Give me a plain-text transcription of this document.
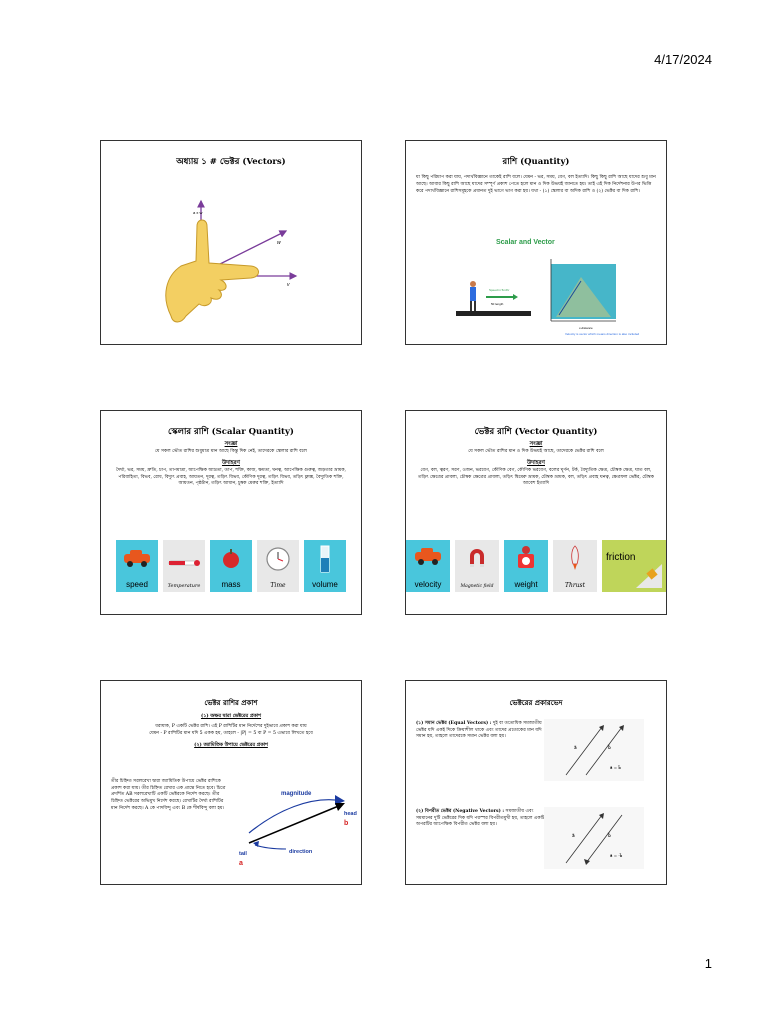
4/17/2024
অধ্যায় ১ # ভেক্টর (Vectors)
a x w
w
v
রাশি (Quantity)
যা কিছু পরিমাপ করা যায়, পদার্থবিজ্ঞানে তাকেই রাশি বলে। যেমন - ভর, সময়, বেগ, বল ইত্যাদি। কিছু কিছু রাশি আছে যাদের শুধু মান আছে। আবার কিছু রাশি আছে যাদের সম্পূর্ণ প্রকাশ পেতে হলে মান ও দিক উভয়ই জানতে হয়। তাই এই দিক নির্দেশনার উপর ভিত্তি করে পদার্থবিজ্ঞানে রাশিসমূহকে প্রধানত দুই ভাগে ভাগ করা হয়। যথা - (১) স্কেলার বা অদিক রাশি ও (২) ভেক্টর বা দিক রাশি।
Scalar and Vector
Speed in 5m/hr
50 length
x-distance
Velocity is vector which means direction is also included
স্কেলার রাশি (Scalar Quantity)
সংজ্ঞা
যে সকল ভৌত রাশির শুধুমাত্র মান আছে কিন্তু দিক নেই, তাদেরকে স্কেলার রাশি বলে
উদাহরণ
দৈর্ঘ্য, ভর, সময়, দ্রুতি, চাপ, তাপমাত্রা, আপেক্ষিক আদ্রতা, তাপ, শক্তি, কাজ, ক্ষমতা, ঘনত্ব, আপেক্ষিক গুরুত্ব, জড়তার ভ্রামক, পরিবাহিতা, বিভব, রোধ, বিদ্যুৎ প্রবাহ, আয়তন, দূরত্ব, তড়িৎ বিভব, কৌণিক দূরত্ব, তড়িৎ বিভব, তড়িৎ ফ্লাক্স, বৈদ্যুতিক শক্তি, আয়তন, পৃষ্ঠটান, তড়িৎ আধান, চুম্বক মেরুর শক্তি, ইত্যাদি
speed	Temperature	mass	Time	volume
ভেক্টর রাশি (Vector Quantity)
সংজ্ঞা
যে সকল ভৌত রাশির মান ও দিক উভয়ই আছে, তাদেরকে ভেক্টর রাশি বলে
উদাহরণ
বেগ, বল, ত্বরণ, সরণ, ওজন, ভরবেগ, কৌণিক বেগ, কৌণিক ভরবেগ, বলের ঘূর্ণন, টর্ক, বৈদ্যুতিক ক্ষেত্র, চৌম্বক ক্ষেত্র, ঘাত বল, তড়িৎ ক্ষেত্রের প্রাবল্য, চৌম্বক ক্ষেত্রের প্রাবল্য, তড়িৎ দ্বিমেরু ভ্রামক, চৌম্বক ভ্রামক, বল, তড়িৎ প্রবাহ ঘনত্ব, ক্ষেত্রফল ভেক্টর, চৌম্বক আবেশ ইত্যাদি
velocity	Magnetic field	weight	Thrust
friction
ভেক্টর রাশির প্রকাশ
(১) অক্ষর দ্বারা ভেক্টরের প্রকাশ
ধরাযাক, P একটি ভেক্টর রাশি। এই P রাশিটির মান নির্দেশের দুইভাবে প্রকাশ করা যায়
যেমন - P রাশিটির মান যদি 5 একক হয়, তাহলে - |P| = 5 বা P = 5 এভাবে লিখতে হবে
(২) জ্যামিতিক উপায়ে ভেক্টরের প্রকাশ
তীর চিহ্নিত সরলরেখা দ্বারা জ্যামিতিক উপায়ে ভেক্টর রাশিকে প্রকাশ করা যায়। তীর চিহ্নিত রেখার এক প্রান্তে নিতে হবে। চিত্রে প্রদর্শিত AB সরলরেখাটি একটি ভেক্টরকে নির্দেশ করছে। তীর চিহ্নিত ভেক্টরের অভিমুখ নির্দেশ করছে। রেখাটির দৈর্ঘ্য রাশিটির মান নির্দেশ করছে। A কে পাদবিন্দু এবং B কে শীর্ষবিন্দু বলা হয়।
magnitude
head
b
tail
a
direction
ভেক্টরের প্রকারভেদ
(১) সমান ভেক্টর (Equal Vectors) : দুই বা ততোধিক সমজাতীয় ভেক্টর যদি একই দিকে ক্রিয়াশীল থাকে এবং তাদের প্রত্যেকের মান যদি সমান হয়, তাহলে তাদেরকে সমান ভেক্টর বলা হয়।
a⃗	b⃗
a⃗ = b⃗
(২) বিপরীত ভেক্টর (Negative Vectors) : সমজাতীয় এবং সমমানের দুটি ভেক্টরের দিক যদি পরস্পর বিপরীতমুখী হয়, তাহলে একটি অপরটির আপেক্ষিক বিপরীত ভেক্টর বলা হয়।
a⃗	b⃗
a⃗ = -b⃗
1
